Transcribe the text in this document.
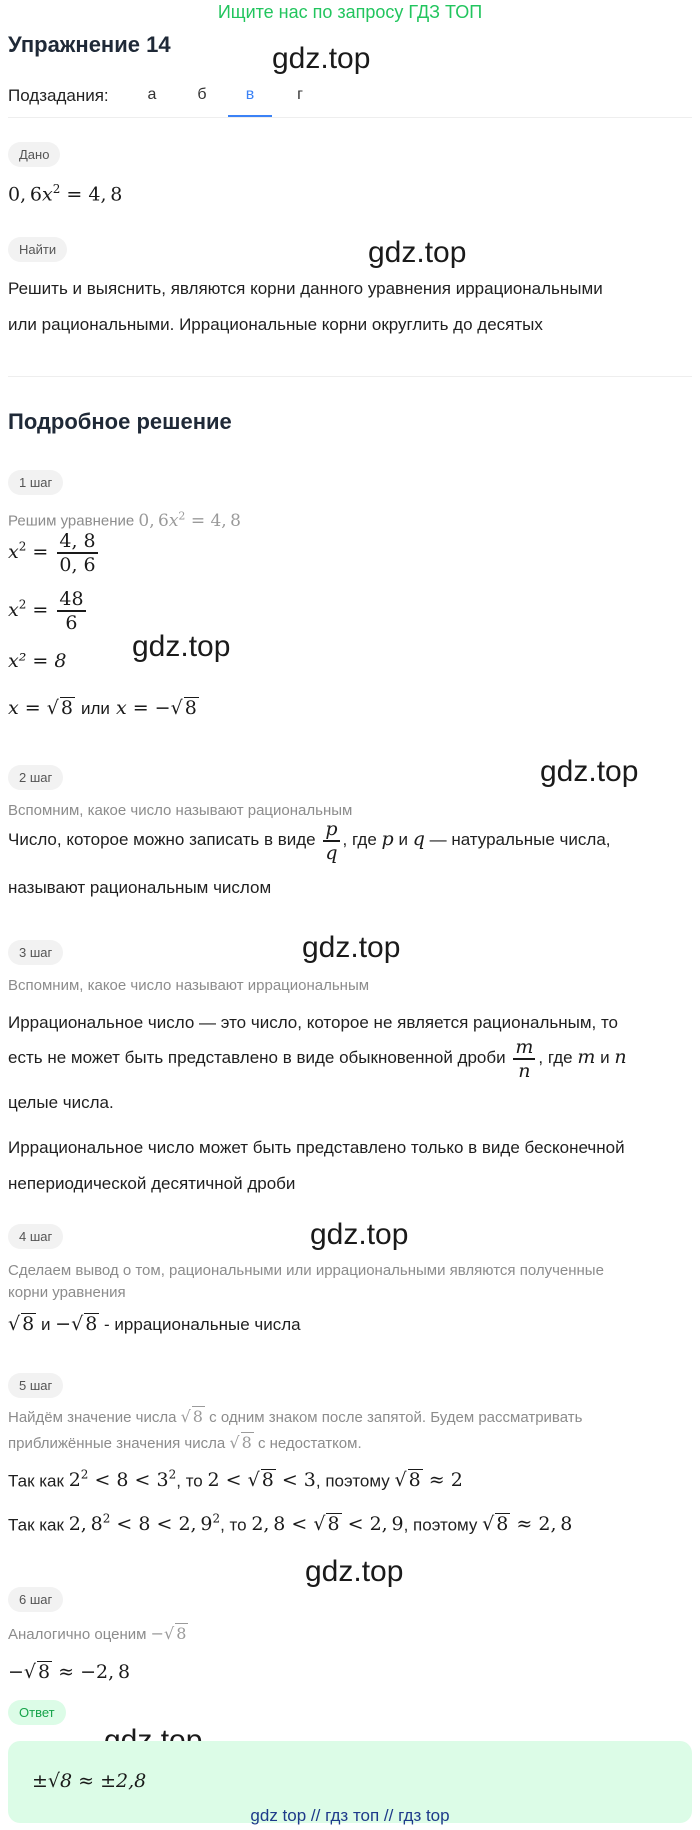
Ищите нас по запросу ГДЗ ТОП
Упражнение 14	gdz.top
gdz.top
gdz.top
gdz.top
gdz.top
gdz.top
gdz.top
Подзадания:	а	б	в	г
Дано
0, $6x^2 = 4$, 8
Найти
Решить и выяснить, являются корни данного уравнения иррациональными
или рациональными. Иррациональные корни округлить до десятых
Подробное решение
1 шаг
Решим уравнение 0, $6x^2 = 4$, 8
$x^2 = \frac{4, 8}{0, 6}$
$x^2 = \frac{48}{6}$
x² = 8
x = √ 8 или x = −√ 8
2 шаг
Вспомним, какое число называют рациональным
Число, которое можно записать в виде $\frac{p}{q}$ , где p и q — натуральные числа,
называют рациональным числом
3 шаг
Вспомним, какое число называют иррациональным
Иррациональное число — это число, которое не является рациональным, то
есть не может быть представлено в виде обыкновенной дроби $\frac{m}{n}$ , где m и n
целые числа.
Иррациональное число может быть представлено только в виде бесконечной
непериодической десятичной дроби
4 шаг
Сделаем вывод о том, рациональными или иррациональными являются полученные
корни уравнения
√ 8 и −√ 8 - иррациональные числа
5 шаг
Найдём значение числа √ 8 с одним знаком после запятой. Будем рассматривать
приближённые значения числа √ 8 с недостатком.
Так как $2^2 < 8 < 3^2$, то 2 < √ 8 < 3, поэтому √ 8 ≈ 2
Так как 2, $8^2 < 8 < 2$, $9^2$, то 2, 8 < √ 8 < 2, 9, поэтому √ 8 ≈ 2, 8
6 шаг
Аналогично оценим −√ 8
−√ 8 ≈ −2, 8
Ответ
±√8 ≈ ±2,8
gdz top // гдз топ // гдз top
